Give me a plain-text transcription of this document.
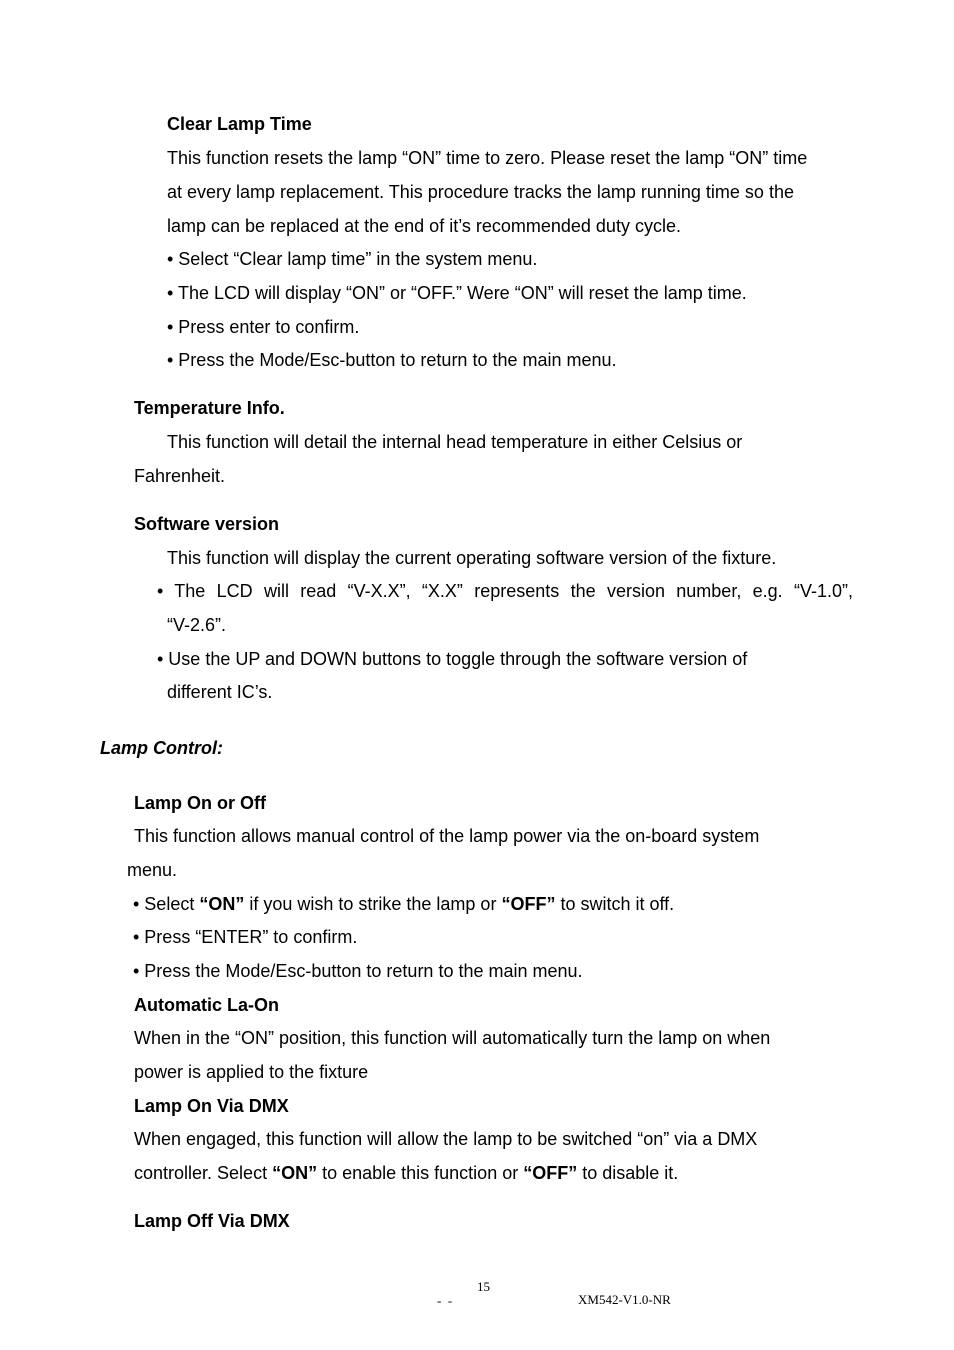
Clear Lamp Time
This function resets the lamp “ON” time to zero. Please reset the lamp “ON” time
at every lamp replacement. This procedure tracks the lamp running time so the
lamp can be replaced at the end of it’s recommended duty cycle.
• Select “Clear lamp time” in the system menu.
• The LCD will display “ON” or “OFF.” Were “ON” will reset the lamp time.
• Press enter to confirm.
• Press the Mode/Esc-button to return to the main menu.
Temperature Info.
This function will detail the internal head temperature in either Celsius or
Fahrenheit.
Software version
This function will display the current operating software version of the fixture.
• The LCD will read “V-X.X”, “X.X” represents the version number, e.g. “V-1.0”,
“V-2.6”.
• Use the UP and DOWN buttons to toggle through the software version of
different IC’s.
Lamp Control:
Lamp On or Off
This function allows manual control of the lamp power via the on-board system
menu.
• Select “ON” if you wish to strike the lamp or “OFF” to switch it off.
• Press “ENTER” to confirm.
• Press the Mode/Esc-button to return to the main menu.
Automatic La-On
When in the “ON” position, this function will automatically turn the lamp on when
power is applied to the fixture
Lamp On Via DMX
When engaged, this function will allow the lamp to be switched “on” via a DMX
controller. Select “ON” to enable this function or “OFF” to disable it.
Lamp Off Via DMX
15
-  -	XM542-V1.0-NR
